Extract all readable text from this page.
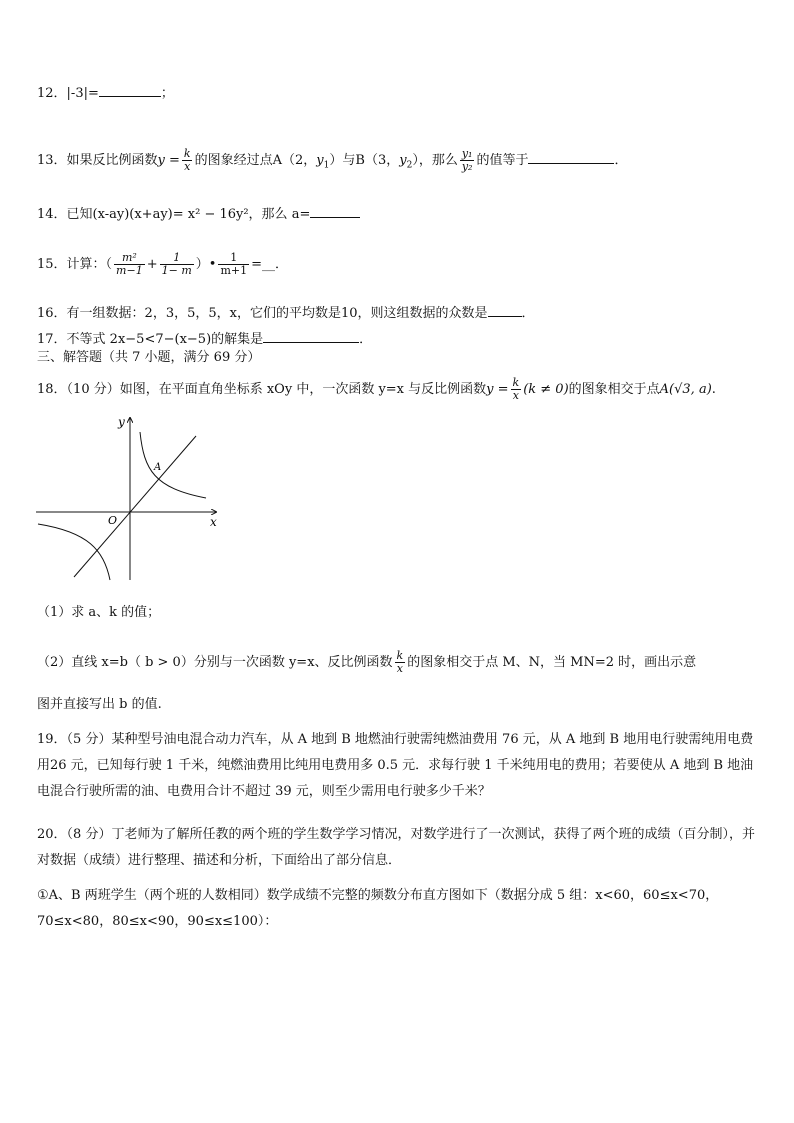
12．|-3|=	；
13．如果反比例函数$y = \frac{k}{x}$ 的图象经过点A（2，$y_1$）与B（3，$y_2$），那么 $\frac{\text{y₁}}{\text{y₂}}$ 的值等于	．
14．已知(x-ay)(x+ay)= x² − 16y²，那么 a=
15．计算：（ $\frac{\text{m²}}{m-1} + \frac{1}{1- m}$ ）• $\frac{1}{m+1}$ =__．
16．有一组数据：2，3，5，5，x，它们的平均数是10，则这组数据的众数是	．
17．不等式 2x−5<7−(x−5)的解集是	．
三、解答题（共 7 小题，满分 69 分）
18．（10 分）如图，在平面直角坐标系 xOy 中，一次函数 y=x 与反比例函数$y = \frac{k}{x} (k \ne 0)$的图象相交于点A(√3, a).
y
x
O
A
（1）求 a、k 的值；
（2）直线 x=b（ b > 0）分别与一次函数 y=x、反比例函数 $\frac{k}{x}$ 的图象相交于点 M、N，当 MN=2 时，画出示意
图并直接写出 b 的值.
19．（5 分）某种型号油电混合动力汽车，从 A 地到 B 地燃油行驶需纯燃油费用 76 元，从 A 地到 B 地用电行驶需纯用电费用26 元，已知每行驶 1 千米，纯燃油费用比纯用电费用多 0.5 元．求每行驶 1 千米纯用电的费用；若要使从 A 地到 B 地油电混合行驶所需的油、电费用合计不超过 39 元，则至少需用电行驶多少千米？
20．（8 分）丁老师为了解所任教的两个班的学生数学学习情况，对数学进行了一次测试，获得了两个班的成绩（百分制），并对数据（成绩）进行整理、描述和分析，下面给出了部分信息．
①A、B 两班学生（两个班的人数相同）数学成绩不完整的频数分布直方图如下（数据分成 5 组：x<60，60≤x<70，70≤x<80，80≤x<90，90≤x≤100）：
